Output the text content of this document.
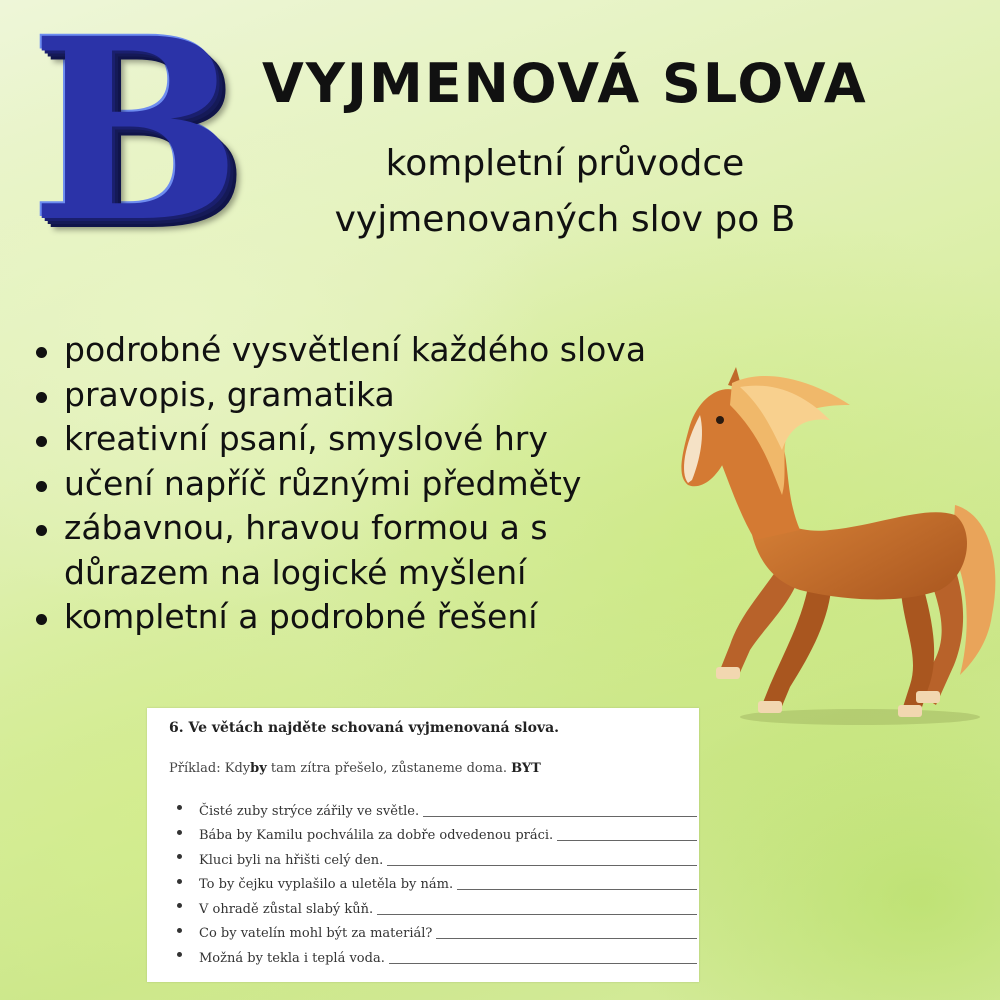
B VYJMENOVÁ SLOVA
kompletní průvodce
vyjmenovaných slov po B
podrobné vysvětlení každého slova
pravopis, gramatika
kreativní psaní, smyslové hry
učení napříč různými předměty
zábavnou, hravou formou a s důrazem na logické myšlení
kompletní a podrobné řešení
6. Ve větách najděte schovaná vyjmenovaná slova.
Příklad: Kdyby tam zítra přešelo, zůstaneme doma. BYT
Čisté zuby strýce zářily ve světle.
Bába by Kamilu pochválila za dobře odvedenou práci.
Kluci byli na hřišti celý den.
To by čejku vyplašilo a uletěla by nám.
V ohradě zůstal slabý kůň.
Co by vatelín mohl být za materiál?
Možná by tekla i teplá voda.
